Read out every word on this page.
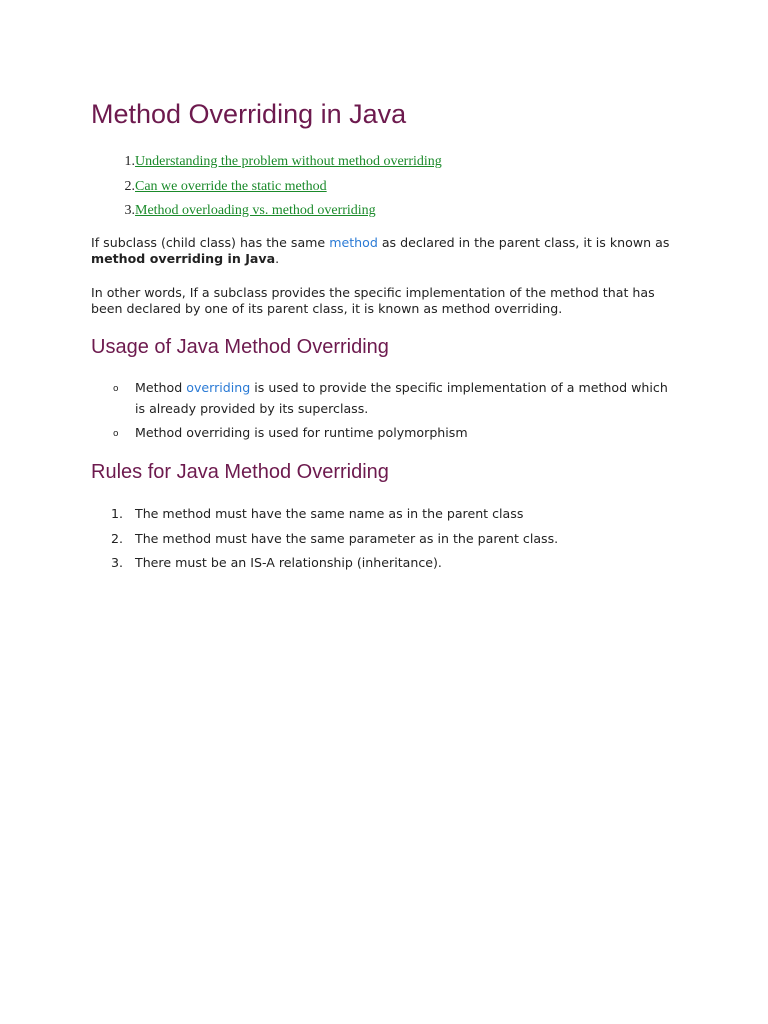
Method Overriding in Java
1.Understanding the problem without method overriding
2.Can we override the static method
3.Method overloading vs. method overriding

If subclass (child class) has the same method as declared in the parent class, it is known as method overriding in Java.

In other words, If a subclass provides the specific implementation of the method that has been declared by one of its parent class, it is known as method overriding.

Usage of Java Method Overriding
o Method overriding is used to provide the specific implementation of a method which is already provided by its superclass.
o Method overriding is used for runtime polymorphism
Rules for Java Method Overriding
1. The method must have the same name as in the parent class
2. The method must have the same parameter as in the parent class.
3. There must be an IS-A relationship (inheritance).
